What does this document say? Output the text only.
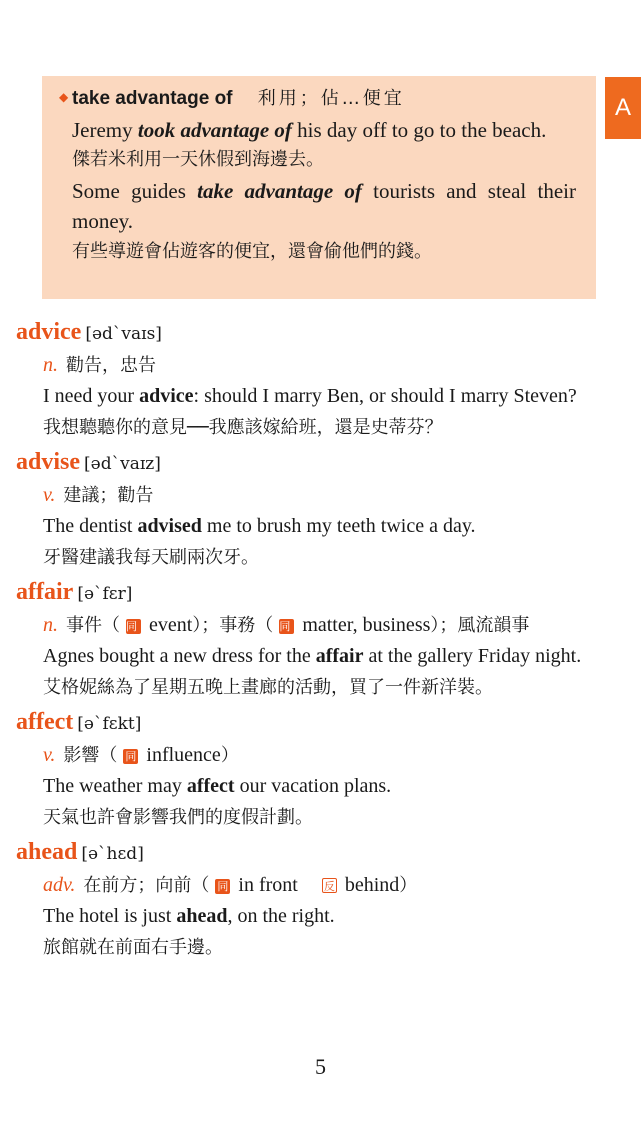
A
◆ take advantage of 利用；佔…便宜
Jeremy took advantage of his day off to go to the beach.
傑若米利用一天休假到海邊去。
Some guides take advantage of tourists and steal their money.
有些導遊會佔遊客的便宜，還會偷他們的錢。
advice [əd`vaɪs]
n. 勸告，忠告
I need your advice: should I marry Ben, or should I marry Steven?
我想聽聽你的意見──我應該嫁給班，還是史蒂芬？
advise [əd`vaɪz]
v. 建議；勸告
The dentist advised me to brush my teeth twice a day.
牙醫建議我每天刷兩次牙。
affair [ə`fɛr]
n. 事件（ 同 event）；事務（ 同 matter, business）；風流韻事
Agnes bought a new dress for the affair at the gallery Friday night.
艾格妮絲為了星期五晚上畫廊的活動，買了一件新洋裝。
affect [ə`fɛkt]
v. 影響（ 同 influence）
The weather may affect our vacation plans.
天氣也許會影響我們的度假計劃。
ahead [ə`hɛd]
adv. 在前方；向前（ 同 in front 反 behind）
The hotel is just ahead, on the right.
旅館就在前面右手邊。
5
